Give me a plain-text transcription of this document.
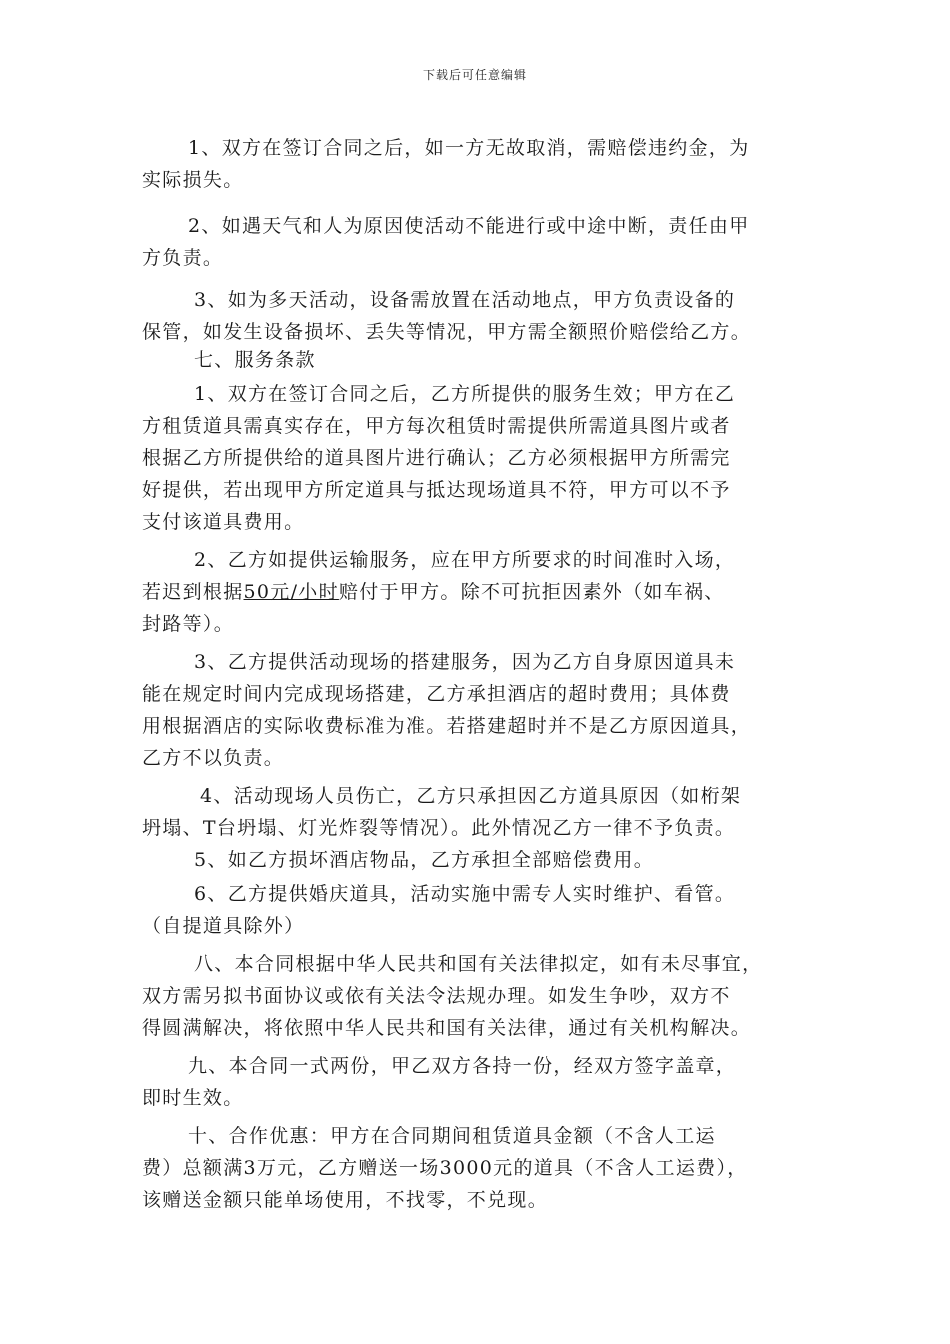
下载后可任意编辑
1、双方在签订合同之后，如一方无故取消，需赔偿违约金，为
实际损失。
2、如遇天气和人为原因使活动不能进行或中途中断，责任由甲
方负责。
3、如为多天活动，设备需放置在活动地点，甲方负责设备的
保管，如发生设备损坏、丢失等情况，甲方需全额照价赔偿给乙方。
七、服务条款
1、双方在签订合同之后，乙方所提供的服务生效；甲方在乙
方租赁道具需真实存在，甲方每次租赁时需提供所需道具图片或者
根据乙方所提供给的道具图片进行确认；乙方必须根据甲方所需完
好提供，若出现甲方所定道具与抵达现场道具不符，甲方可以不予
支付该道具费用。
2、乙方如提供运输服务，应在甲方所要求的时间准时入场，
若迟到根据50元/小时赔付于甲方。除不可抗拒因素外（如车祸、
封路等）。
3、乙方提供活动现场的搭建服务，因为乙方自身原因道具未
能在规定时间内完成现场搭建，乙方承担酒店的超时费用；具体费
用根据酒店的实际收费标准为准。若搭建超时并不是乙方原因道具，
乙方不以负责。
4、活动现场人员伤亡，乙方只承担因乙方道具原因（如桁架
坍塌、T台坍塌、灯光炸裂等情况）。此外情况乙方一律不予负责。
5、如乙方损坏酒店物品，乙方承担全部赔偿费用。
6、乙方提供婚庆道具，活动实施中需专人实时维护、看管。
（自提道具除外）
八、本合同根据中华人民共和国有关法律拟定，如有未尽事宜，
双方需另拟书面协议或依有关法令法规办理。如发生争吵，双方不
得圆满解决，将依照中华人民共和国有关法律，通过有关机构解决。
九、本合同一式两份，甲乙双方各持一份，经双方签字盖章，
即时生效。
十、合作优惠：甲方在合同期间租赁道具金额（不含人工运
费）总额满3万元，乙方赠送一场3000元的道具（不含人工运费），
该赠送金额只能单场使用，不找零，不兑现。
